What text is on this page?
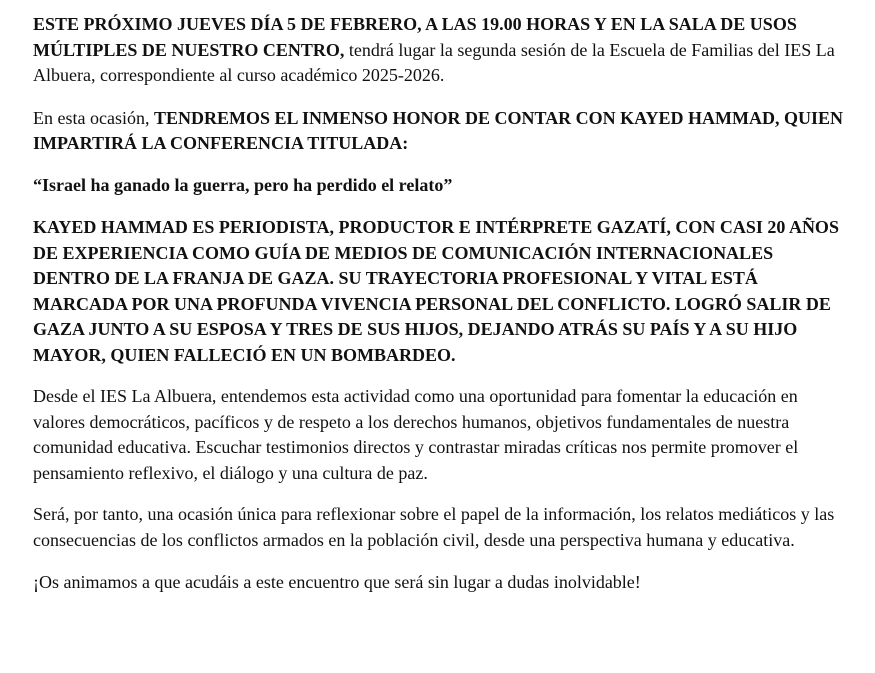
ESTE PRÓXIMO JUEVES DÍA 5 DE FEBRERO, A LAS 19.00 HORAS Y EN LA SALA DE USOS MÚLTIPLES DE NUESTRO CENTRO, tendrá lugar la segunda sesión de la Escuela de Familias del IES La Albuera, correspondiente al curso académico 2025-2026.

En esta ocasión, TENDREMOS EL INMENSO HONOR DE CONTAR CON KAYED HAMMAD, QUIEN IMPARTIRÁ LA CONFERENCIA TITULADA:

“Israel ha ganado la guerra, pero ha perdido el relato”

KAYED HAMMAD ES PERIODISTA, PRODUCTOR E INTÉRPRETE GAZATÍ, CON CASI 20 AÑOS DE EXPERIENCIA COMO GUÍA DE MEDIOS DE COMUNICACIÓN INTERNACIONALES DENTRO DE LA FRANJA DE GAZA. SU TRAYECTORIA PROFESIONAL Y VITAL ESTÁ MARCADA POR UNA PROFUNDA VIVENCIA PERSONAL DEL CONFLICTO. LOGRÓ SALIR DE GAZA JUNTO A SU ESPOSA Y TRES DE SUS HIJOS, DEJANDO ATRÁS SU PAÍS Y A SU HIJO MAYOR, QUIEN FALLECIÓ EN UN BOMBARDEO.

Desde el IES La Albuera, entendemos esta actividad como una oportunidad para fomentar la educación en valores democráticos, pacíficos y de respeto a los derechos humanos, objetivos fundamentales de nuestra comunidad educativa. Escuchar testimonios directos y contrastar miradas críticas nos permite promover el pensamiento reflexivo, el diálogo y una cultura de paz.

Será, por tanto, una ocasión única para reflexionar sobre el papel de la información, los relatos mediáticos y las consecuencias de los conflictos armados en la población civil, desde una perspectiva humana y educativa.

¡Os animamos a que acudáis a este encuentro que será sin lugar a dudas inolvidable!
